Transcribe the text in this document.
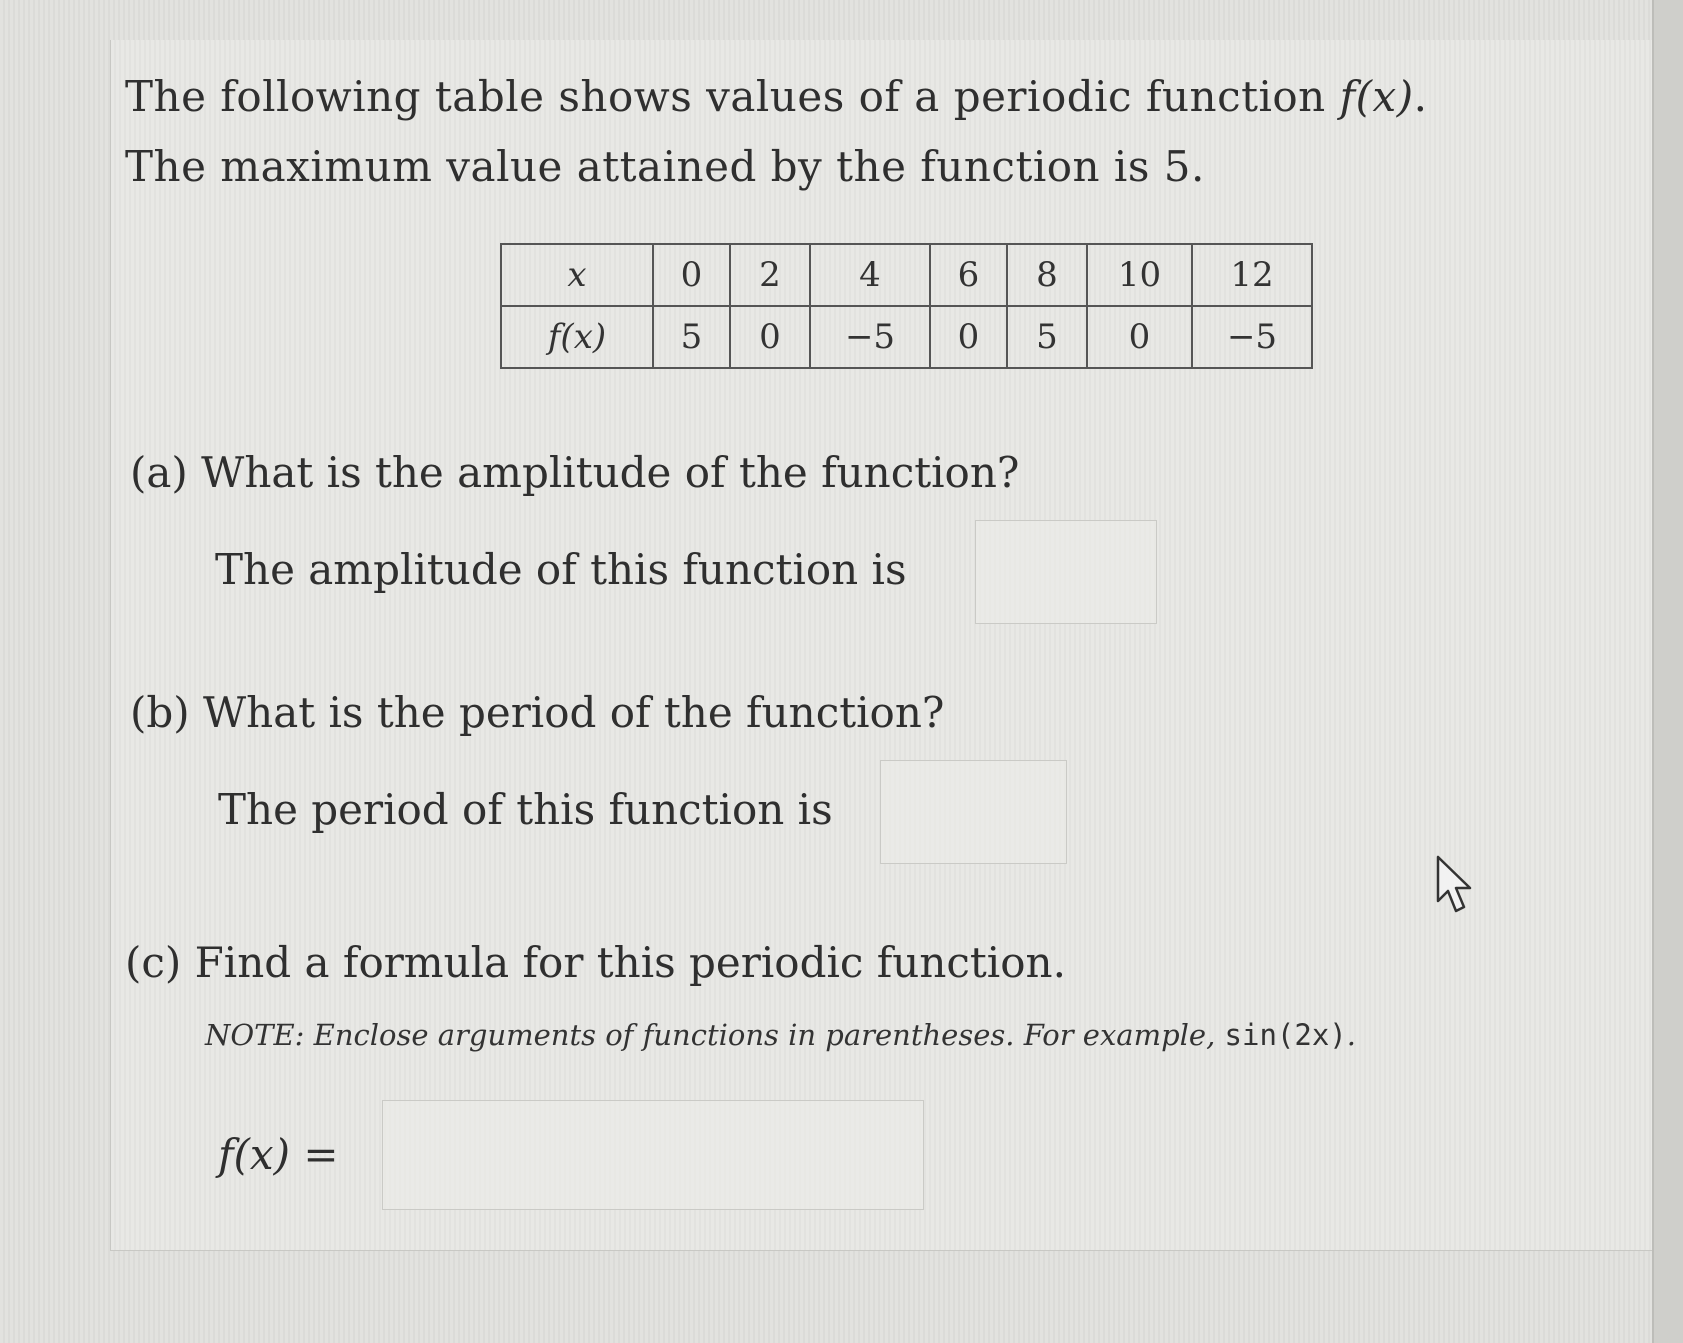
The following table shows values of a periodic function f(x).
The maximum value attained by the function is 5.
x	0	2	4	6	8	10	12
f(x)	5	0	−5	0	5	0	−5
(a) What is the amplitude of the function?
The amplitude of this function is
(b) What is the period of the function?
The period of this function is
(c) Find a formula for this periodic function.
NOTE: Enclose arguments of functions in parentheses. For example, sin(2x).
f(x) =
